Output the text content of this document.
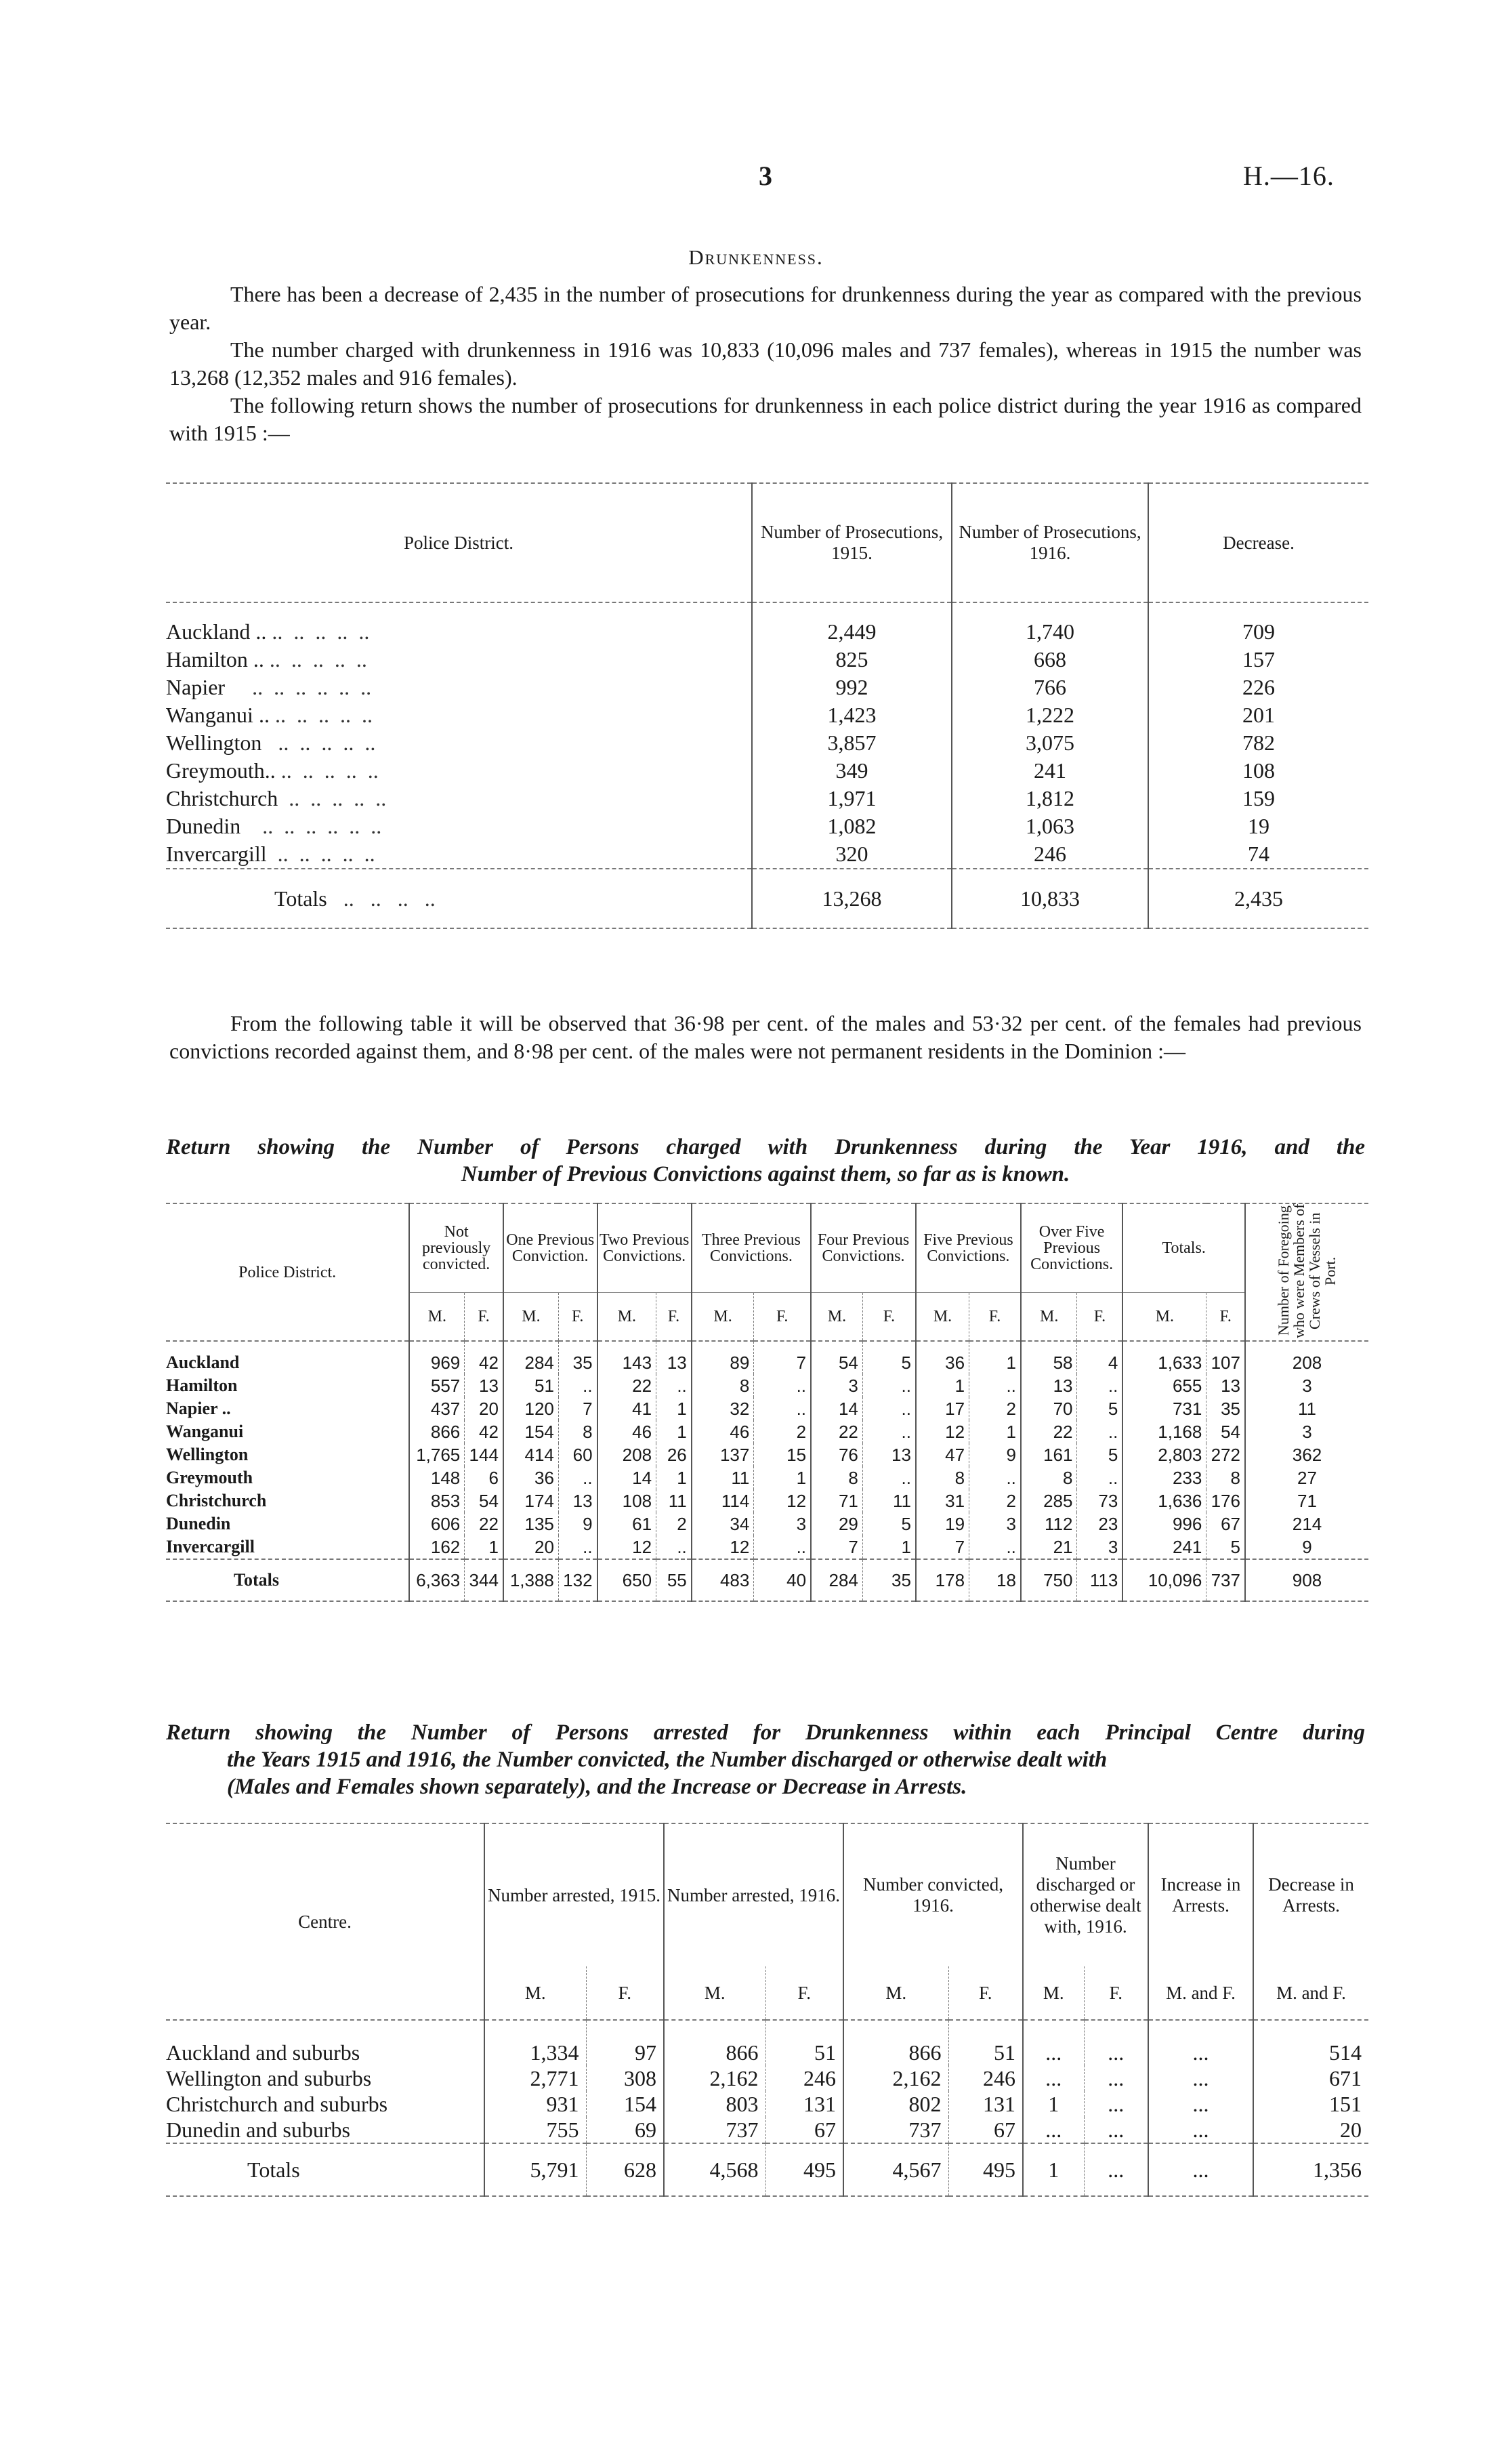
3	H.—16.
Drunkenness.

There has been a decrease of 2,435 in the number of prosecutions for drunkenness during the year as compared with the previous year.

The number charged with drunkenness in 1916 was 10,833 (10,096 males and 737 females), whereas in 1915 the number was 13,268 (12,352 males and 916 females).

The following return shows the number of prosecutions for drunkenness in each police district during the year 1916 as compared with 1915 :—

Police District.	Number of Prosecutions, 1915.	Number of Prosecutions, 1916.	Decrease.
Auckland .. ..  ..  ..  ..  ..	2,449	1,740	709
Hamilton .. ..  ..  ..  ..  ..	825	668	157
Napier     ..  ..  ..  ..  ..  ..	992	766	226
Wanganui .. ..  ..  ..  ..  ..	1,423	1,222	201
Wellington   ..  ..  ..  ..  ..	3,857	3,075	782
Greymouth.. ..  ..  ..  ..  ..	349	241	108
Christchurch  ..  ..  ..  ..  ..	1,971	1,812	159
Dunedin    ..  ..  ..  ..  ..  ..	1,082	1,063	19
Invercargill  ..  ..  ..  ..  ..	320	246	74
Totals   ..   ..   ..   ..	13,268	10,833	2,435

From the following table it will be observed that 36·98 per cent. of the males and 53·32 per cent. of the females had previous convictions recorded against them, and 8·98 per cent. of the males were not permanent residents in the Dominion :—

Return showing the Number of Persons charged with Drunkenness during the Year 1916, and the
Number of Previous Convictions against them, so far as is known.
Police District.	Not previously convicted.		One Previous Conviction.		Two Previous Convictions.		Three Previous Convictions.		Four Previous Convictions.		Five Previous Convictions.		Over Five Previous Convictions.		Totals.		Number of Foregoing who were Members of Crews of Vessels in Port.
	M.	F.	M.	F.	M.	F.	M.	F.	M.	F.	M.	F.	M.	F.	M.	F.	
Auckland	969	42	284	35	143	13	89	7	54	5	36	1	58	4	1,633	107	208
Hamilton	557	13	51	..	22	..	8	..	3	..	1	..	13	..	655	13	3
Napier ..	437	20	120	7	41	1	32	..	14	..	17	2	70	5	731	35	11
Wanganui	866	42	154	8	46	1	46	2	22	..	12	1	22	..	1,168	54	3
Wellington	1,765	144	414	60	208	26	137	15	76	13	47	9	161	5	2,803	272	362
Greymouth	148	6	36	..	14	1	11	1	8	..	8	..	8	..	233	8	27
Christchurch	853	54	174	13	108	11	114	12	71	11	31	2	285	73	1,636	176	71
Dunedin	606	22	135	9	61	2	34	3	29	5	19	3	112	23	996	67	214
Invercargill	162	1	20	..	12	..	12	..	7	1	7	..	21	3	241	5	9
Totals	6,363	344	1,388	132	650	55	483	40	284	35	178	18	750	113	10,096	737	908
Return showing the Number of Persons arrested for Drunkenness within each Principal Centre during
the Years 1915 and 1916, the Number convicted, the Number discharged or otherwise dealt with
(Males and Females shown separately), and the Increase or Decrease in Arrests.
Centre.	Number arrested, 1915.		Number arrested, 1916.		Number convicted, 1916.		Number discharged or otherwise dealt with, 1916.		Increase in Arrests.	Decrease in Arrests.
	M.	F.	M.	F.	M.	F.	M.	F.	M. and F.	M. and F.
Auckland and suburbs	1,334	97	866	51	866	51	...	...	...	514
Wellington and suburbs	2,771	308	2,162	246	2,162	246	...	...	...	671
Christchurch and suburbs	931	154	803	131	802	131	1	...	...	151
Dunedin and suburbs	755	69	737	67	737	67	...	...	...	20
Totals	5,791	628	4,568	495	4,567	495	1	...	...	1,356
